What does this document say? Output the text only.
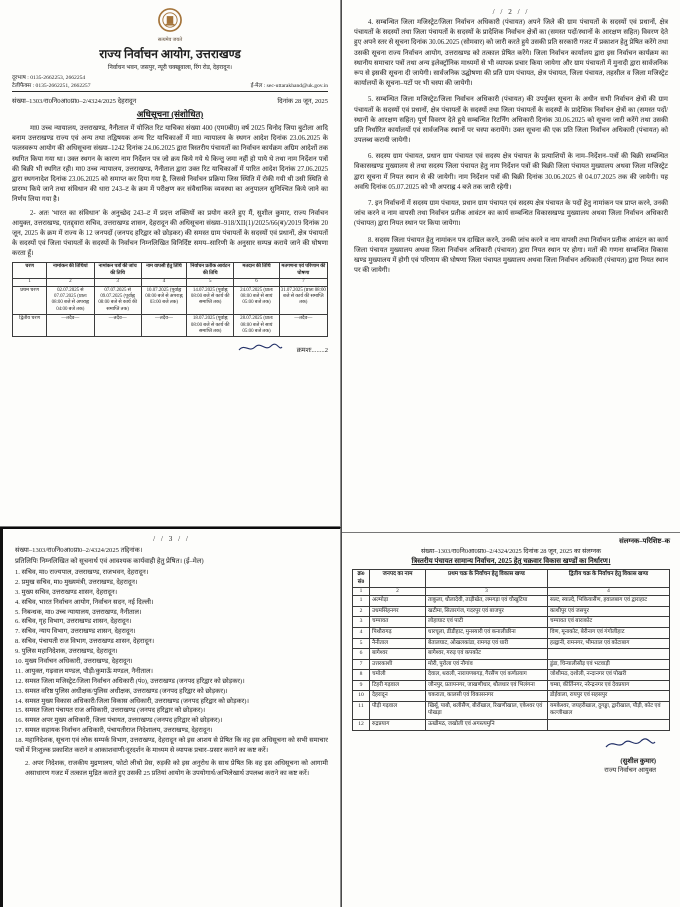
सत्यमेव जयते
राज्य निर्वाचन आयोग, उत्तराखण्ड
निर्वाचन भवन, जसपुर, न्यूरी चक्खूवाला, रिंग रोड, देहरादून।
दूरभाष : 0135-2662253, 2662254
टेलीफैक्स : 0135-2662251, 2662257	ई-मेल : sec-uttarakhand@uk.gov.in
संख्या–1303/रा0नि0आ0प्रा0–2/4324/2025 देहरादून	दिनांक 28 जून, 2025
अधिसूचना (संशोधित)

मा0 उच्च न्यायालय, उत्तराखण्ड, नैनीताल में योजित रिट याचिका संख्या 400 (एम0बी0) वर्ष 2025 विनोद जिया बुटोला आदि बनाम उत्तराखण्ड राज्य एवं अन्य तथा तद्विषयक अन्य रिट याचिकाओं में मा0 न्यायालय के स्थगन आदेश दिनांक 23.06.2025 के फलस्वरूप आयोग की अधिसूचना संख्या–1242 दिनांक 24.06.2025 द्वारा त्रिस्तरीय पंचायतों का निर्वाचन कार्यक्रम अग्रिम आदेशों तक स्थगित किया गया था। उक्त स्थगन के कारण नाम निर्देशन पत्र जो क्रय किये गये थे किन्तु जमा नहीं हो पाये थे तथा नाम निर्देशन पत्रों की बिक्री भी स्थगित रही। मा0 उच्च न्यायालय, उत्तराखण्ड, नैनीताल द्वारा उक्त रिट याचिकाओं में पारित आदेश दिनांक 27.06.2025 द्वारा स्थगनादेश दिनांक 23.06.2025 को समाप्त कर दिया गया है, जिससे निर्वाचन प्रक्रिया जिस स्थिति में रोकी गयी थी उसी स्थिति से प्रारम्भ किये जाने तथा संविधान की धारा 243–ट के क्रम में परीक्षण कर संवैधानिक व्यवस्था का अनुपालन सुनिश्चित किये जाने का निर्णय लिया गया है।

2- अतः 'भारत का संविधान' के अनुच्छेद 243–ट में प्रदत्त शक्तियों का प्रयोग करते हुए मैं, सुशील कुमार, राज्य निर्वाचन आयुक्त, उत्तराखण्ड, एतद्द्वारा सचिव, उत्तराखण्ड शासन, देहरादून की अधिसूचना संख्या–918/XII(1)/2025/66(ब)/2019 दिनांक 20 जून, 2025 के क्रम में राज्य के 12 जनपदों (जनपद हरिद्वार को छोड़कर) की समस्त ग्राम पंचायतों के सदस्यों एवं प्रधानों, क्षेत्र पंचायतों के सदस्यों एवं जिला पंचायतों के सदस्यों के निर्वाचन निम्नलिखित विनिर्दिष्ट समय–सारिणी के अनुसार सम्पन्न कराये जाने की घोषणा करता हूँ।

चरण	नामांकन की तिथियां	नामांकन पत्रों की जांच की तिथि	नाम वापसी हेतु तिथि	निर्वाचन प्रतीक आवंटन की तिथि	मतदान की तिथि	मतगणना एवं परिणाम की घोषणा
1	2	3	4	5	6	7
प्रथम चरण	02.07.2025 से 07.07.2025 (प्रातः 08:00 बजे से अपराह्न 04:00 बजे तक)	07.07.2025 से 09.07.2025 (पूर्वाह्न 08:00 बजे से कार्य की समाप्ति तक)	10.07.2025 (पूर्वाह्न 08:00 बजे से अपराह्न 03:00 बजे तक)	14.07.2025 (पूर्वाह्न 08:00 बजे से कार्य की समाप्ति तक)	24.07.2025 (प्रातः 08:00 बजे से सायं 05:00 बजे तक)	31.07.2025 (प्रातः 08:00 बजे से कार्य की समाप्ति तक)
द्वितीय चरण	—तदैव—	—तदैव—	—तदैव—	18.07.2025 (पूर्वाह्न 08:00 बजे से कार्य की समाप्ति तक)	28.07.2025 (प्रातः 08:00 बजे से सायं 05:00 बजे तक)	—तदैव—
क्रमशः........2
/ / 3 / /
संख्या–1303/रा0नि0आ0प्रा0–2/4324/2025 तद्दिनांक।
प्रतिलिपिः निम्नलिखित को सूचनार्थ एवं आवश्यक कार्यवाही हेतु प्रेषित। (ई–मेल)
1. सचिव, मा0 राज्यपाल, उत्तराखण्ड, राजभवन, देहरादून।
2. प्रमुख सचिव, मा0 मुख्यमंत्री, उत्तराखण्ड, देहरादून।
3. मुख्य सचिव, उत्तराखण्ड शासन, देहरादून।
4. सचिव, भारत निर्वाचन आयोग, निर्वाचन सदन, नई दिल्ली।
5. निबन्धक, मा0 उच्च न्यायालय, उत्तराखण्ड, नैनीताल।
6. सचिव, गृह विभाग, उत्तराखण्ड शासन, देहरादून।
7. सचिव, न्याय विभाग, उत्तराखण्ड शासन, देहरादून।
8. सचिव, पंचायती राज विभाग, उत्तराखण्ड शासन, देहरादून।
9. पुलिस महानिदेशक, उत्तराखण्ड, देहरादून।
10. मुख्य निर्वाचन अधिकारी, उत्तराखण्ड, देहरादून।
11. आयुक्त, गढ़वाल मण्डल, पौड़ी/कुमाऊँ मण्डल, नैनीताल।
12. समस्त जिला मजिस्ट्रेट/जिला निर्वाचन अधिकारी (पं0), उत्तराखण्ड (जनपद हरिद्वार को छोड़कर)।
13. समस्त वरिष्ठ पुलिस अधीक्षक/पुलिस अधीक्षक, उत्तराखण्ड (जनपद हरिद्वार को छोड़कर)।
14. समस्त मुख्य विकास अधिकारी/जिला विकास अधिकारी, उत्तराखण्ड (जनपद हरिद्वार को छोड़कर)।
15. समस्त जिला पंचायत राज अधिकारी, उत्तराखण्ड (जनपद हरिद्वार को छोड़कर)।
16. समस्त अपर मुख्य अधिकारी, जिला पंचायत, उत्तराखण्ड (जनपद हरिद्वार को छोड़कर)।
17. समस्त सहायक निर्वाचन अधिकारी, पंचायतीराज निदेशालय, उत्तराखण्ड, देहरादून।
18. महानिदेशक, सूचना एवं लोक सम्पर्क विभाग, उत्तराखण्ड, देहरादून को इस आशय से प्रेषित कि वह इस अधिसूचना को सभी समाचार पत्रों में निःशुल्क प्रकाशित कराने व आकाशवाणी/दूरदर्शन के माध्यम से व्यापक प्रचार–प्रसार कराने का कष्ट करें।

2. अपर निदेशक, राजकीय मुद्रणालय, फोटो लीथो प्रेस, रुड़की को इस अनुरोध के साथ प्रेषित कि वह इस अधिसूचना को आगामी असाधारण गजट में तत्काल मुद्रित कराते हुए उसकी 25 प्रतियां आयोग के उपयोगार्थ/अभिलेखार्थ उपलब्ध कराने का कष्ट करें।

/ / 2 / /

4. सम्बन्धित जिला मजिस्ट्रेट/जिला निर्वाचन अधिकारी (पंचायत) अपने जिले की ग्राम पंचायतों के सदस्यों एवं प्रधानों, क्षेत्र पंचायतों के सदस्यों तथा जिला पंचायतों के सदस्यों के प्रादेशिक निर्वाचन क्षेत्रों का (समस्त पदों/स्थानों के आरक्षण सहित) विवरण देते हुए अपने स्तर से सूचना दिनांक 30.06.2025 (सोमवार) को जारी करते हुये उसकी प्रति सरकारी गजट में प्रकाशन हेतु प्रेषित करेंगे तथा उसकी सूचना राज्य निर्वाचन आयोग, उत्तराखण्ड को तत्काल प्रेषित करेंगे। जिला निर्वाचन कार्यालय द्वारा इस निर्वाचन कार्यक्रम का स्थानीय समाचार पत्रों तथा अन्य इलेक्ट्रॉनिक माध्यमों से भी व्यापक प्रचार किया जायेगा और ग्राम पंचायतों में मुनादी द्वारा सार्वजनिक रूप से इसकी सूचना दी जायेगी। सार्वजनिक उद्घोषणा की प्रति ग्राम पंचायत, क्षेत्र पंचायत, जिला पंचायत, तहसील व जिला मजिस्ट्रेट कार्यालयों के सूचना–पटों पर भी चस्पा की जायेगी।

5. सम्बन्धित जिला मजिस्ट्रेट/जिला निर्वाचन अधिकारी (पंचायत) की उपर्युक्त सूचना के अधीन सभी निर्वाचन क्षेत्रों की ग्राम पंचायतों के सदस्यों एवं प्रधानों, क्षेत्र पंचायतों के सदस्यों तथा जिला पंचायतों के सदस्यों के प्रादेशिक निर्वाचन क्षेत्रों का (समस्त पदों/स्थानों के आरक्षण सहित) पूर्ण विवरण देते हुये सम्बन्धित रिटर्निंग अधिकारी दिनांक 30.06.2025 को सूचना जारी करेंगे तथा उसकी प्रति निर्धारित कार्यालयों एवं सार्वजनिक स्थानों पर चस्पा करायेंगे। उक्त सूचना की एक प्रति जिला निर्वाचन अधिकारी (पंचायत) को उपलब्ध करायी जायेगी।

6. सदस्य ग्राम पंचायत, प्रधान ग्राम पंचायत एवं सदस्य क्षेत्र पंचायत के प्रत्याशियों के नाम–निर्देशन–पत्रों की बिक्री सम्बन्धित विकासखण्ड मुख्यालय से तथा सदस्य जिला पंचायत हेतु नाम निर्देशन पत्रों की बिक्री जिला पंचायत मुख्यालय अथवा जिला मजिस्ट्रेट द्वारा सूचना में नियत स्थान से की जायेगी। नाम निर्देशन पत्रों की बिक्री दिनांक 30.06.2025 से 04.07.2025 तक की जायेगी। यह अवधि दिनांक 05.07.2025 को भी अपराह्न 4 बजे तक जारी रहेगी।

7. इन निर्वाचनों में सदस्य ग्राम पंचायत, प्रधान ग्राम पंचायत एवं सदस्य क्षेत्र पंचायत के पदों हेतु नामांकन पत्र प्राप्त करने, उनकी जांच करने व नाम वापसी तथा निर्वाचन प्रतीक आवंटन का कार्य सम्बन्धित विकासखण्ड मुख्यालय अथवा जिला निर्वाचन अधिकारी (पंचायत) द्वारा नियत स्थान पर किया जायेगा।

8. सदस्य जिला पंचायत हेतु नामांकन पत्र दाखिल करने, उनकी जांच करने व नाम वापसी तथा निर्वाचन प्रतीक आवंटन का कार्य जिला पंचायत मुख्यालय अथवा जिला निर्वाचन अधिकारी (पंचायत) द्वारा नियत स्थान पर होगा। मतों की गणना सम्बन्धित विकास खण्ड मुख्यालय में होगी एवं परिणाम की घोषणा जिला पंचायत मुख्यालय अथवा जिला निर्वाचन अधिकारी (पंचायत) द्वारा नियत स्थान पर की जायेगी।

संलग्नक–परिशिष्ट–क
संख्या–1303/रा0नि0आ0प्रा0–2/4324/2025 दिनांक 28 जून, 2025 का संलग्नक
त्रिस्तरीय पंचायत सामान्य निर्वाचन, 2025 हेतु चक्रवार विकास खण्डों का निर्धारण।
क्र0 सं0	जनपद का नाम	प्रथम चक्र के निर्वाचन हेतु विकास खण्ड	द्वितीय चक्र के निर्वाचन हेतु विकास खण्ड
1	2	3	4
1	अल्मोड़ा	ताकुला, धौलादेवी, ताड़ीखेत, लमगड़ा एवं चौखुटिया	सल्ट, स्याल्दे, भिकियासैंण, हवालबाग एवं द्वाराहाट
2	उधमसिंहनगर	खटीमा, सितारगंज, गदरपुर एवं बाजपुर	काशीपुर एवं जसपुर
3	चम्पावत	लोहाघाट एवं पाटी	चम्पावत एवं बाराकोट
4	पिथौरागढ़	धारचूला, डीडीहाट, मुनस्यारी एवं कनालीछीना	विण, मूनाकोट, बेरीनाग एवं गंगोलीहाट
5	नैनीताल	बेतालघाट, ओखलकांडा, रामगढ़ एवं धारी	हल्द्वानी, रामनगर, भीमताल एवं कोटाबाग
6	बागेश्वर	बागेश्वर, गरुड़ एवं कपकोट	
7	उत्तरकाशी	मोरी, पुरोला एवं नौगांव	डुंडा, चिन्यालीसौड़ एवं भटवाड़ी
8	चमोली	देवाल, थराली, नारायणबगड़, गैरसैंण एवं कर्णप्रयाग	जोशीमठ, दशोली, नन्दानगर एवं पोखरी
9	टिहरी गढ़वाल	जौनपुर, प्रतापनगर, जाखणीधार, थौलधार एवं भिलंगना	चम्बा, कीर्तिनगर, नरेन्द्रनगर एवं देवप्रयाग
10	देहरादून	चकराता, कालसी एवं विकासनगर	डोईवाला, रायपुर एवं सहसपुर
11	पौड़ी गढ़वाल	खिर्सू, पाबौ, थलीसैंण, बीरोंखाल, रिखणीखाल, एकेश्वर एवं पोखड़ा	यमकेश्वर, जयहरीखाल, दुगड्डा, द्वारीखाल, पौड़ी, कोट एवं कल्जीखाल
12	रुद्रप्रयाग	ऊखीमठ, जखोली एवं अगस्त्यमुनि	
(सुशील कुमार)
राज्य निर्वाचन आयुक्त
